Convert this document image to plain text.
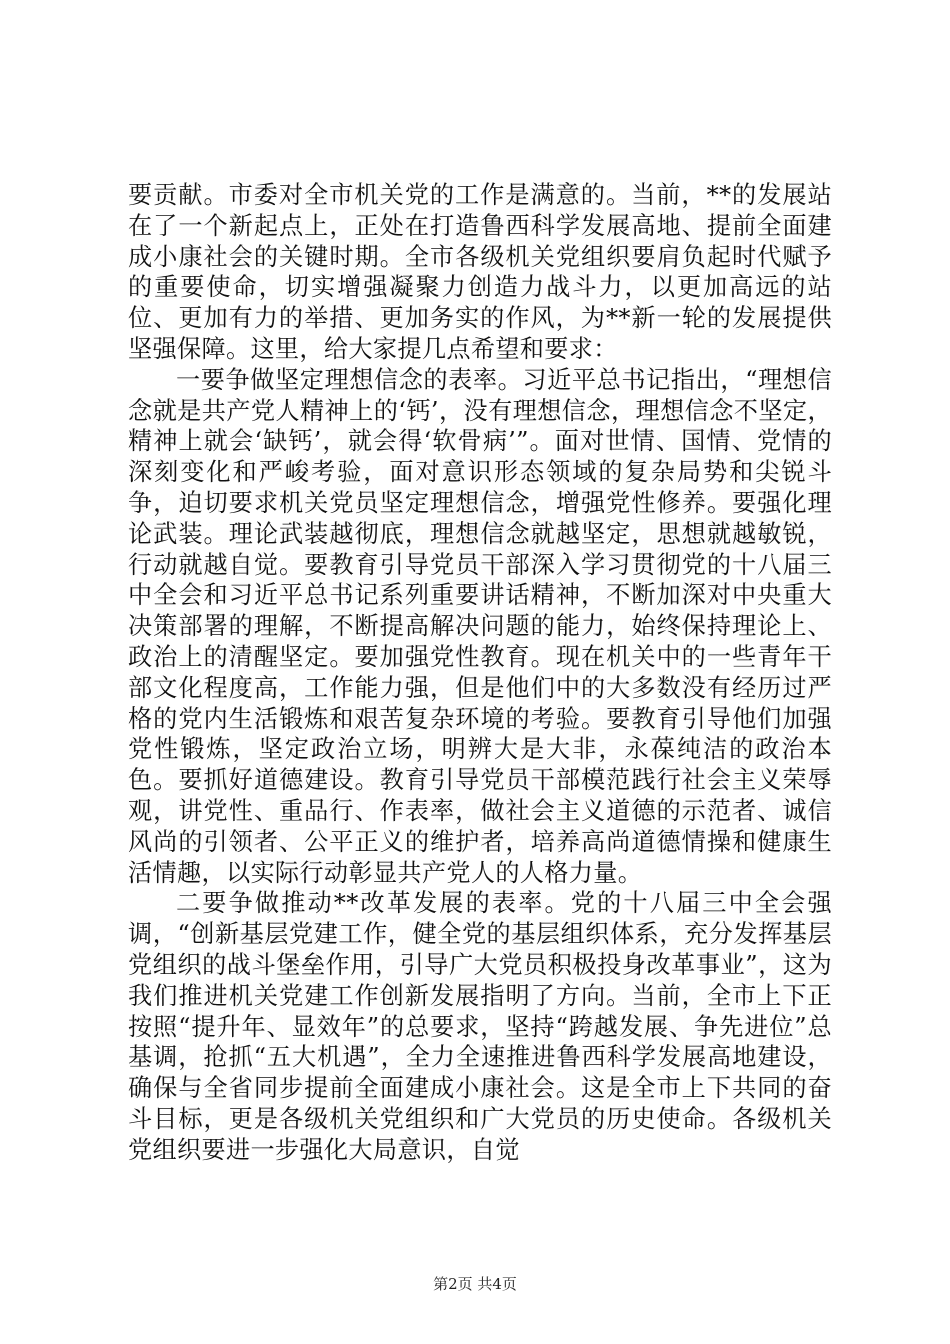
要贡献。市委对全市机关党的工作是满意的。当前，**的发展站在了一个新起点上，正处在打造鲁西科学发展高地、提前全面建成小康社会的关键时期。全市各级机关党组织要肩负起时代赋予的重要使命，切实增强凝聚力创造力战斗力，以更加高远的站位、更加有力的举措、更加务实的作风，为**新一轮的发展提供坚强保障。这里，给大家提几点希望和要求：

一要争做坚定理想信念的表率。习近平总书记指出，“理想信念就是共产党人精神上的‘钙’，没有理想信念，理想信念不坚定，精神上就会‘缺钙’，就会得‘软骨病’”。面对世情、国情、党情的深刻变化和严峻考验，面对意识形态领域的复杂局势和尖锐斗争，迫切要求机关党员坚定理想信念，增强党性修养。要强化理论武装。理论武装越彻底，理想信念就越坚定，思想就越敏锐，行动就越自觉。要教育引导党员干部深入学习贯彻党的十八届三中全会和习近平总书记系列重要讲话精神，不断加深对中央重大决策部署的理解，不断提高解决问题的能力，始终保持理论上、政治上的清醒坚定。要加强党性教育。现在机关中的一些青年干部文化程度高，工作能力强，但是他们中的大多数没有经历过严格的党内生活锻炼和艰苦复杂环境的考验。要教育引导他们加强党性锻炼，坚定政治立场，明辨大是大非，永葆纯洁的政治本色。要抓好道德建设。教育引导党员干部模范践行社会主义荣辱观，讲党性、重品行、作表率，做社会主义道德的示范者、诚信风尚的引领者、公平正义的维护者，培养高尚道德情操和健康生活情趣，以实际行动彰显共产党人的人格力量。

二要争做推动**改革发展的表率。党的十八届三中全会强调，“创新基层党建工作，健全党的基层组织体系，充分发挥基层党组织的战斗堡垒作用，引导广大党员积极投身改革事业”，这为我们推进机关党建工作创新发展指明了方向。当前，全市上下正按照“提升年、显效年”的总要求，坚持“跨越发展、争先进位”总基调，抢抓“五大机遇”，全力全速推进鲁西科学发展高地建设，确保与全省同步提前全面建成小康社会。这是全市上下共同的奋斗目标，更是各级机关党组织和广大党员的历史使命。各级机关党组织要进一步强化大局意识，自觉

第2页 共4页
